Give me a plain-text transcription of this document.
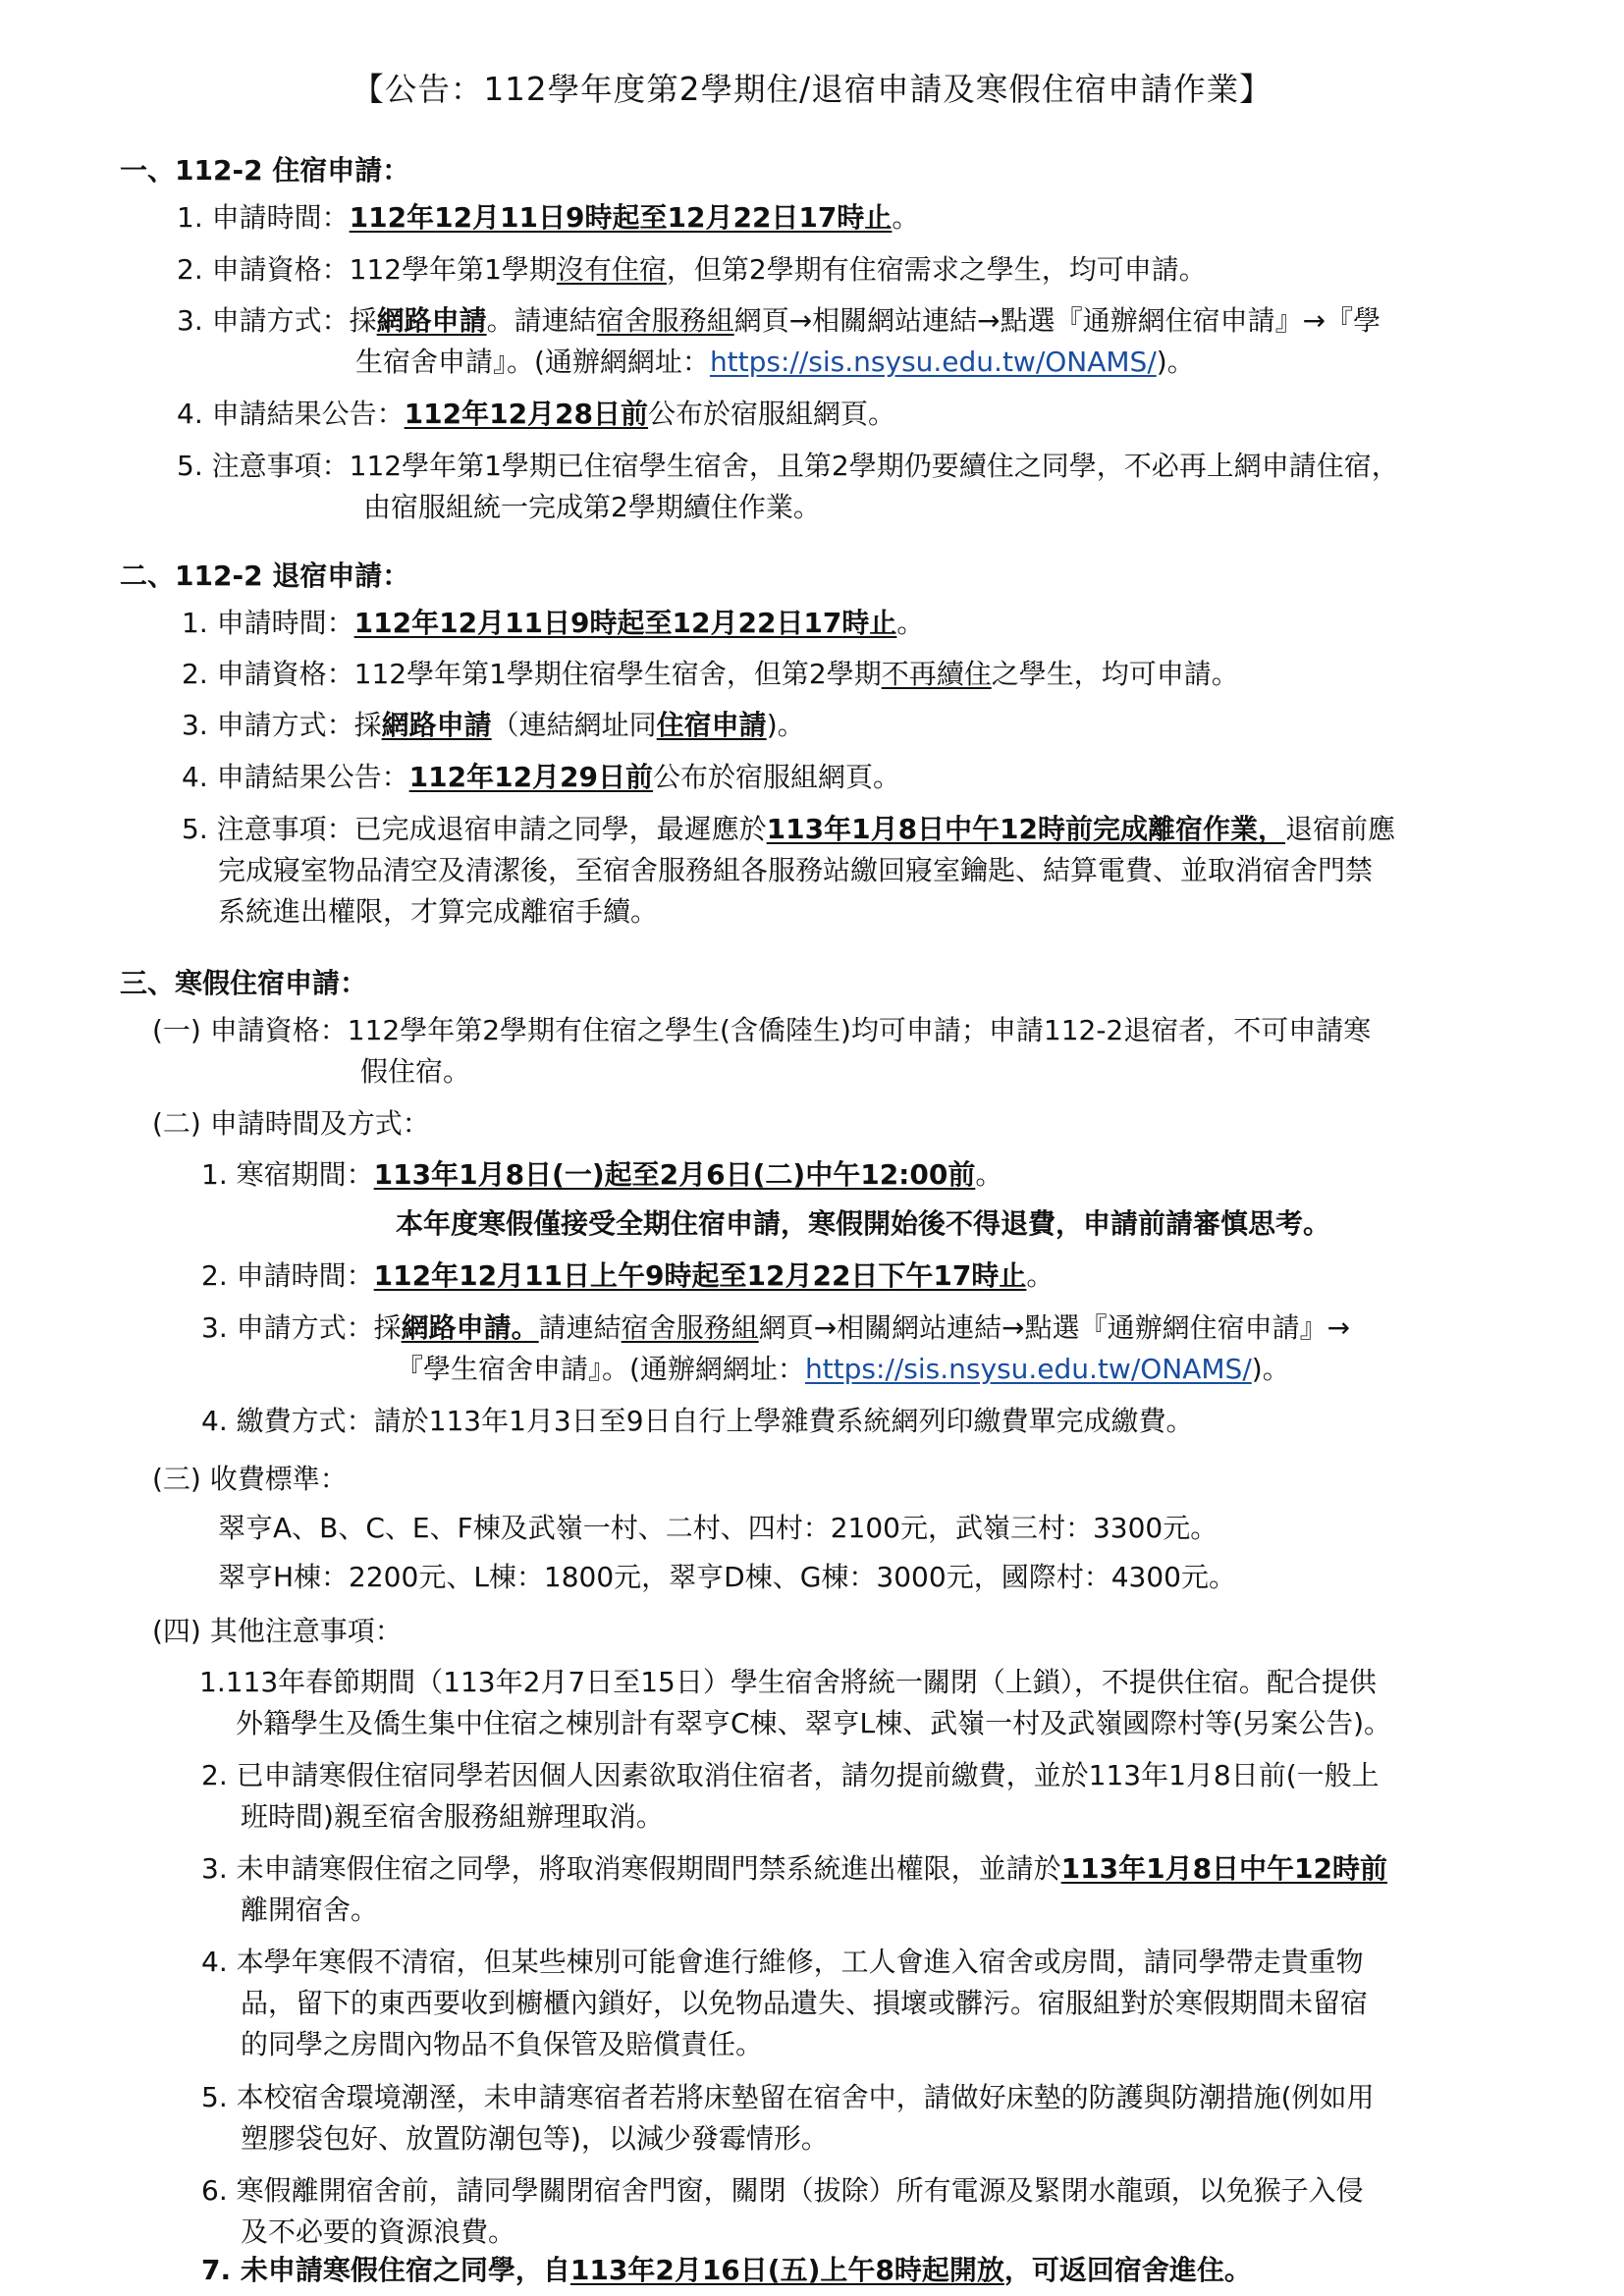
【公告：112學年度第2學期住/退宿申請及寒假住宿申請作業】
一、112-2 住宿申請：
1. 申請時間：112年12月11日9時起至12月22日17時止。
2. 申請資格：112學年第1學期沒有住宿，但第2學期有住宿需求之學生，均可申請。
3. 申請方式：採網路申請。請連結宿舍服務組網頁→相關網站連結→點選『通辦網住宿申請』→『學
生宿舍申請』。(通辦網網址：https://sis.nsysu.edu.tw/ONAMS/)。
4. 申請結果公告：112年12月28日前公布於宿服組網頁。
5. 注意事項：112學年第1學期已住宿學生宿舍，且第2學期仍要續住之同學，不必再上網申請住宿，
由宿服組統一完成第2學期續住作業。
二、112-2 退宿申請：
1. 申請時間：112年12月11日9時起至12月22日17時止。
2. 申請資格：112學年第1學期住宿學生宿舍，但第2學期不再續住之學生，均可申請。
3. 申請方式：採網路申請（連結網址同住宿申請)。
4. 申請結果公告：112年12月29日前公布於宿服組網頁。
5. 注意事項：已完成退宿申請之同學，最遲應於113年1月8日中午12時前完成離宿作業，退宿前應
完成寢室物品清空及清潔後，至宿舍服務組各服務站繳回寢室鑰匙、結算電費、並取消宿舍門禁
系統進出權限，才算完成離宿手續。
三、寒假住宿申請：
(一) 申請資格：112學年第2學期有住宿之學生(含僑陸生)均可申請；申請112-2退宿者，不可申請寒
假住宿。
(二) 申請時間及方式：
1. 寒宿期間：113年1月8日(一)起至2月6日(二)中午12:00前。
本年度寒假僅接受全期住宿申請，寒假開始後不得退費，申請前請審慎思考。
2. 申請時間：112年12月11日上午9時起至12月22日下午17時止。
3. 申請方式：採網路申請。請連結宿舍服務組網頁→相關網站連結→點選『通辦網住宿申請』→
『學生宿舍申請』。(通辦網網址：https://sis.nsysu.edu.tw/ONAMS/)。
4. 繳費方式：請於113年1月3日至9日自行上學雜費系統網列印繳費單完成繳費。
(三) 收費標準：
翠亨A、B、C、E、F棟及武嶺一村、二村、四村：2100元，武嶺三村：3300元。
翠亨H棟：2200元、L棟：1800元，翠亨D棟、G棟：3000元，國際村：4300元。
(四) 其他注意事項：
1.113年春節期間（113年2月7日至15日）學生宿舍將統一關閉（上鎖），不提供住宿。配合提供
外籍學生及僑生集中住宿之棟別計有翠亨C棟、翠亨L棟、武嶺一村及武嶺國際村等(另案公告)。
2. 已申請寒假住宿同學若因個人因素欲取消住宿者，請勿提前繳費，並於113年1月8日前(一般上
班時間)親至宿舍服務組辦理取消。
3. 未申請寒假住宿之同學，將取消寒假期間門禁系統進出權限，並請於113年1月8日中午12時前
離開宿舍。
4. 本學年寒假不清宿，但某些棟別可能會進行維修，工人會進入宿舍或房間，請同學帶走貴重物
品，留下的東西要收到櫥櫃內鎖好，以免物品遺失、損壞或髒污。宿服組對於寒假期間未留宿
的同學之房間內物品不負保管及賠償責任。
5. 本校宿舍環境潮溼，未申請寒宿者若將床墊留在宿舍中，請做好床墊的防護與防潮措施(例如用
塑膠袋包好、放置防潮包等)，以減少發霉情形。
6. 寒假離開宿舍前，請同學關閉宿舍門窗，關閉（拔除）所有電源及緊閉水龍頭，以免猴子入侵
及不必要的資源浪費。
7. 未申請寒假住宿之同學，自113年2月16日(五)上午8時起開放，可返回宿舍進住。
